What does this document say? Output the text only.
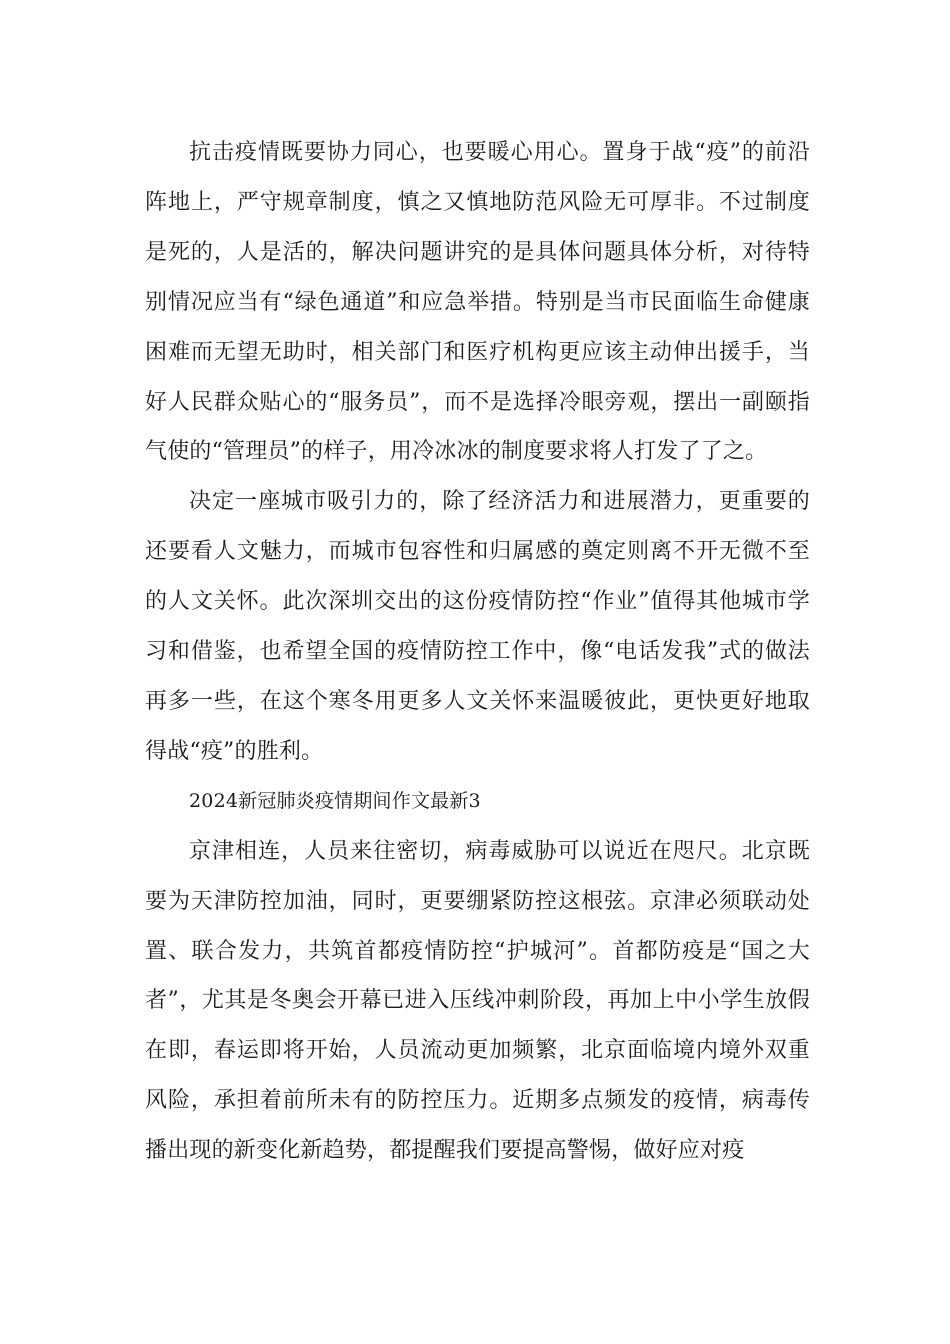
抗击疫情既要协力同心，也要暖心用心。置身于战“疫”的前沿阵地上，严守规章制度，慎之又慎地防范风险无可厚非。不过制度是死的，人是活的，解决问题讲究的是具体问题具体分析，对待特别情况应当有“绿色通道”和应急举措。特别是当市民面临生命健康困难而无望无助时，相关部门和医疗机构更应该主动伸出援手，当好人民群众贴心的“服务员”，而不是选择冷眼旁观，摆出一副颐指气使的“管理员”的样子，用冷冰冰的制度要求将人打发了了之。

决定一座城市吸引力的，除了经济活力和进展潜力，更重要的还要看人文魅力，而城市包容性和归属感的奠定则离不开无微不至的人文关怀。此次深圳交出的这份疫情防控“作业”值得其他城市学习和借鉴，也希望全国的疫情防控工作中，像“电话发我”式的做法再多一些，在这个寒冬用更多人文关怀来温暖彼此，更快更好地取得战“疫”的胜利。

2024新冠肺炎疫情期间作文最新3

京津相连，人员来往密切，病毒威胁可以说近在咫尺。北京既要为天津防控加油，同时，更要绷紧防控这根弦。京津必须联动处置、联合发力，共筑首都疫情防控“护城河”。首都防疫是“国之大者”，尤其是冬奥会开幕已进入压线冲刺阶段，再加上中小学生放假在即，春运即将开始，人员流动更加频繁，北京面临境内境外双重风险，承担着前所未有的防控压力。近期多点频发的疫情，病毒传播出现的新变化新趋势，都提醒我们要提高警惕，做好应对疫
